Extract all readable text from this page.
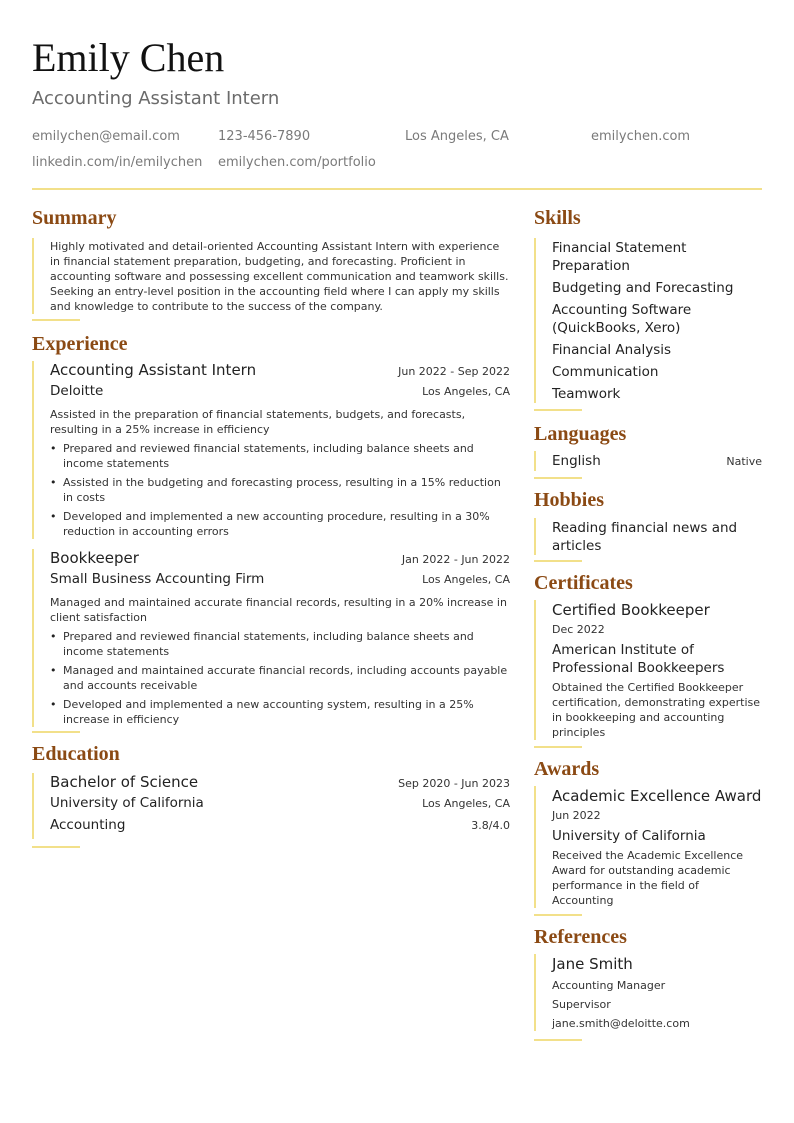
Emily Chen
Accounting Assistant Intern
emilychen@email.com	123-456-7890	Los Angeles, CA	emilychen.com
linkedin.com/in/emilychen emilychen.com/portfolio
Summary
Highly motivated and detail-oriented Accounting Assistant Intern with experience in financial statement preparation, budgeting, and forecasting. Proficient in accounting software and possessing excellent communication and teamwork skills. Seeking an entry-level position in the accounting field where I can apply my skills and knowledge to contribute to the success of the company.
Experience
Accounting Assistant Intern	Jun 2022 - Sep 2022
Deloitte	Los Angeles, CA
Assisted in the preparation of financial statements, budgets, and forecasts, resulting in a 25% increase in efficiency
• Prepared and reviewed financial statements, including balance sheets and income statements
• Assisted in the budgeting and forecasting process, resulting in a 15% reduction in costs
• Developed and implemented a new accounting procedure, resulting in a 30% reduction in accounting errors
Bookkeeper	Jan 2022 - Jun 2022
Small Business Accounting Firm	Los Angeles, CA
Managed and maintained accurate financial records, resulting in a 20% increase in client satisfaction
• Prepared and reviewed financial statements, including balance sheets and income statements
• Managed and maintained accurate financial records, including accounts payable and accounts receivable
• Developed and implemented a new accounting system, resulting in a 25% increase in efficiency
Education
Bachelor of Science	Sep 2020 - Jun 2023
University of California	Los Angeles, CA
Accounting	3.8/4.0
Skills
Financial Statement Preparation
Budgeting and Forecasting
Accounting Software (QuickBooks, Xero)
Financial Analysis
Communication
Teamwork
Languages
English	Native
Hobbies
Reading financial news and articles
Certificates
Certified Bookkeeper
Dec 2022
American Institute of Professional Bookkeepers
Obtained the Certified Bookkeeper certification, demonstrating expertise in bookkeeping and accounting principles
Awards
Academic Excellence Award
Jun 2022
University of California
Received the Academic Excellence Award for outstanding academic performance in the field of Accounting
References
Jane Smith
Accounting Manager
Supervisor
jane.smith@deloitte.com
